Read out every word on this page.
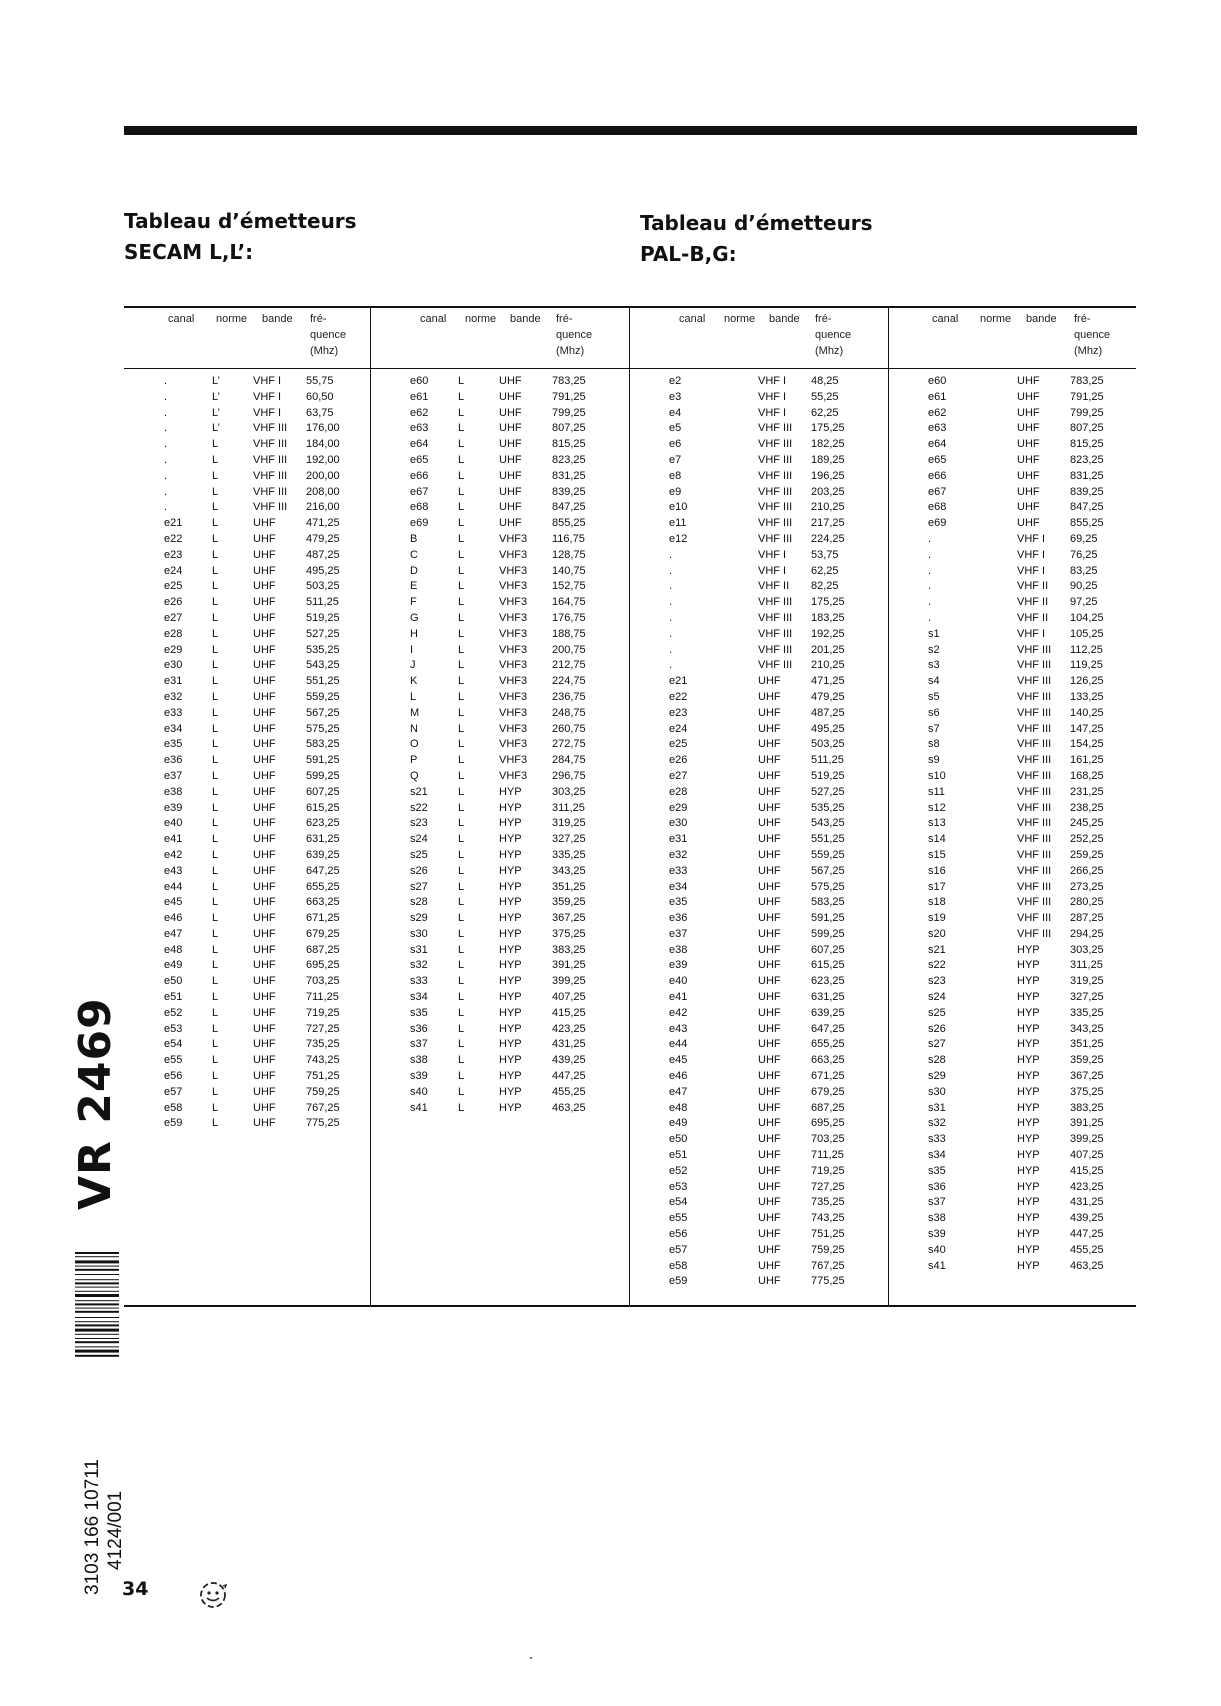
Tableau d’émetteurs
SECAM L,L’:
Tableau d’émetteurs
PAL-B,G:
canal norme bande fré-
quence
(Mhz)
.	L’	VHF I 55,75
.	L’	VHF I 60,50
.	L’	VHF I 63,75
.	L’	VHF III 176,00
.	L	VHF III 184,00
.	L	VHF III 192,00
.	L	VHF III 200,00
.	L	VHF III 208,00
.	L	VHF III 216,00
e21	L	UHF	471,25
e22	L	UHF	479,25
e23	L	UHF	487,25
e24	L	UHF	495,25
e25	L	UHF	503,25
e26	L	UHF	511,25
e27	L	UHF	519,25
e28	L	UHF	527,25
e29	L	UHF	535,25
e30	L	UHF	543,25
e31	L	UHF	551,25
e32	L	UHF	559,25
e33	L	UHF	567,25
e34	L	UHF	575,25
e35	L	UHF	583,25
e36	L	UHF	591,25
e37	L	UHF	599,25
e38	L	UHF	607,25
e39	L	UHF	615,25
e40	L	UHF	623,25
e41	L	UHF	631,25
e42	L	UHF	639,25
e43	L	UHF	647,25
e44	L	UHF	655,25
e45	L	UHF	663,25
e46	L	UHF	671,25
e47	L	UHF	679,25
e48	L	UHF	687,25
e49	L	UHF	695,25
e50	L	UHF	703,25
e51	L	UHF	711,25
e52	L	UHF	719,25
e53	L	UHF	727,25
e54	L	UHF	735,25
e55	L	UHF	743,25
e56	L	UHF	751,25
e57	L	UHF	759,25
e58	L	UHF	767,25
e59	L	UHF	775,25
canal norme bande fré-
quence
(Mhz)
e60	L	UHF	783,25
e61	L	UHF	791,25
e62	L	UHF	799,25
e63	L	UHF	807,25
e64	L	UHF	815,25
e65	L	UHF	823,25
e66	L	UHF	831,25
e67	L	UHF	839,25
e68	L	UHF	847,25
e69	L	UHF	855,25
B	L	VHF3 116,75
C	L	VHF3 128,75
D	L	VHF3 140,75
E	L	VHF3 152,75
F	L	VHF3 164,75
G	L	VHF3 176,75
H	L	VHF3 188,75
I	L	VHF3 200,75
J	L	VHF3 212,75
K	L	VHF3 224,75
L	L	VHF3 236,75
M	L	VHF3 248,75
N	L	VHF3 260,75
O	L	VHF3 272,75
P	L	VHF3 284,75
Q	L	VHF3 296,75
s21	L	HYP	303,25
s22	L	HYP	311,25
s23	L	HYP	319,25
s24	L	HYP	327,25
s25	L	HYP	335,25
s26	L	HYP	343,25
s27	L	HYP	351,25
s28	L	HYP	359,25
s29	L	HYP	367,25
s30	L	HYP	375,25
s31	L	HYP	383,25
s32	L	HYP	391,25
s33	L	HYP	399,25
s34	L	HYP	407,25
s35	L	HYP	415,25
s36	L	HYP	423,25
s37	L	HYP	431,25
s38	L	HYP	439,25
s39	L	HYP	447,25
s40	L	HYP	455,25
s41	L	HYP	463,25
canal norme bande fré-
quence
(Mhz)
e2	VHF I 48,25
e3	VHF I 55,25
e4	VHF I 62,25
e5	VHF III 175,25
e6	VHF III 182,25
e7	VHF III 189,25
e8	VHF III 196,25
e9	VHF III 203,25
e10	VHF III 210,25
e11	VHF III 217,25
e12	VHF III 224,25
.	VHF I 53,75
.	VHF I 62,25
.	VHF II 82,25
.	VHF III 175,25
.	VHF III 183,25
.	VHF III 192,25
.	VHF III 201,25
.	VHF III 210,25
e21	UHF	471,25
e22	UHF	479,25
e23	UHF	487,25
e24	UHF	495,25
e25	UHF	503,25
e26	UHF	511,25
e27	UHF	519,25
e28	UHF	527,25
e29	UHF	535,25
e30	UHF	543,25
e31	UHF	551,25
e32	UHF	559,25
e33	UHF	567,25
e34	UHF	575,25
e35	UHF	583,25
e36	UHF	591,25
e37	UHF	599,25
e38	UHF	607,25
e39	UHF	615,25
e40	UHF	623,25
e41	UHF	631,25
e42	UHF	639,25
e43	UHF	647,25
e44	UHF	655,25
e45	UHF	663,25
e46	UHF	671,25
e47	UHF	679,25
e48	UHF	687,25
e49	UHF	695,25
e50	UHF	703,25
e51	UHF	711,25
e52	UHF	719,25
e53	UHF	727,25
e54	UHF	735,25
e55	UHF	743,25
e56	UHF	751,25
e57	UHF	759,25
e58	UHF	767,25
e59	UHF	775,25
canal norme bande fré-
quence
(Mhz)
e60	UHF	783,25
e61	UHF	791,25
e62	UHF	799,25
e63	UHF	807,25
e64	UHF	815,25
e65	UHF	823,25
e66	UHF	831,25
e67	UHF	839,25
e68	UHF	847,25
e69	UHF	855,25
.	VHF I 69,25
.	VHF I 76,25
.	VHF I 83,25
.	VHF II 90,25
.	VHF II 97,25
.	VHF II 104,25
s1	VHF I 105,25
s2	VHF III 112,25
s3	VHF III 119,25
s4	VHF III 126,25
s5	VHF III 133,25
s6	VHF III 140,25
s7	VHF III 147,25
s8	VHF III 154,25
s9	VHF III 161,25
s10	VHF III 168,25
s11	VHF III 231,25
s12	VHF III 238,25
s13	VHF III 245,25
s14	VHF III 252,25
s15	VHF III 259,25
s16	VHF III 266,25
s17	VHF III 273,25
s18	VHF III 280,25
s19	VHF III 287,25
s20	VHF III 294,25
s21	HYP	303,25
s22	HYP	311,25
s23	HYP	319,25
s24	HYP	327,25
s25	HYP	335,25
s26	HYP	343,25
s27	HYP	351,25
s28	HYP	359,25
s29	HYP	367,25
s30	HYP	375,25
s31	HYP	383,25
s32	HYP	391,25
s33	HYP	399,25
s34	HYP	407,25
s35	HYP	415,25
s36	HYP	423,25
s37	HYP	431,25
s38	HYP	439,25
s39	HYP	447,25
s40	HYP	455,25
s41	HYP	463,25
VR 2469
3103 166 10711 4124/001
34
